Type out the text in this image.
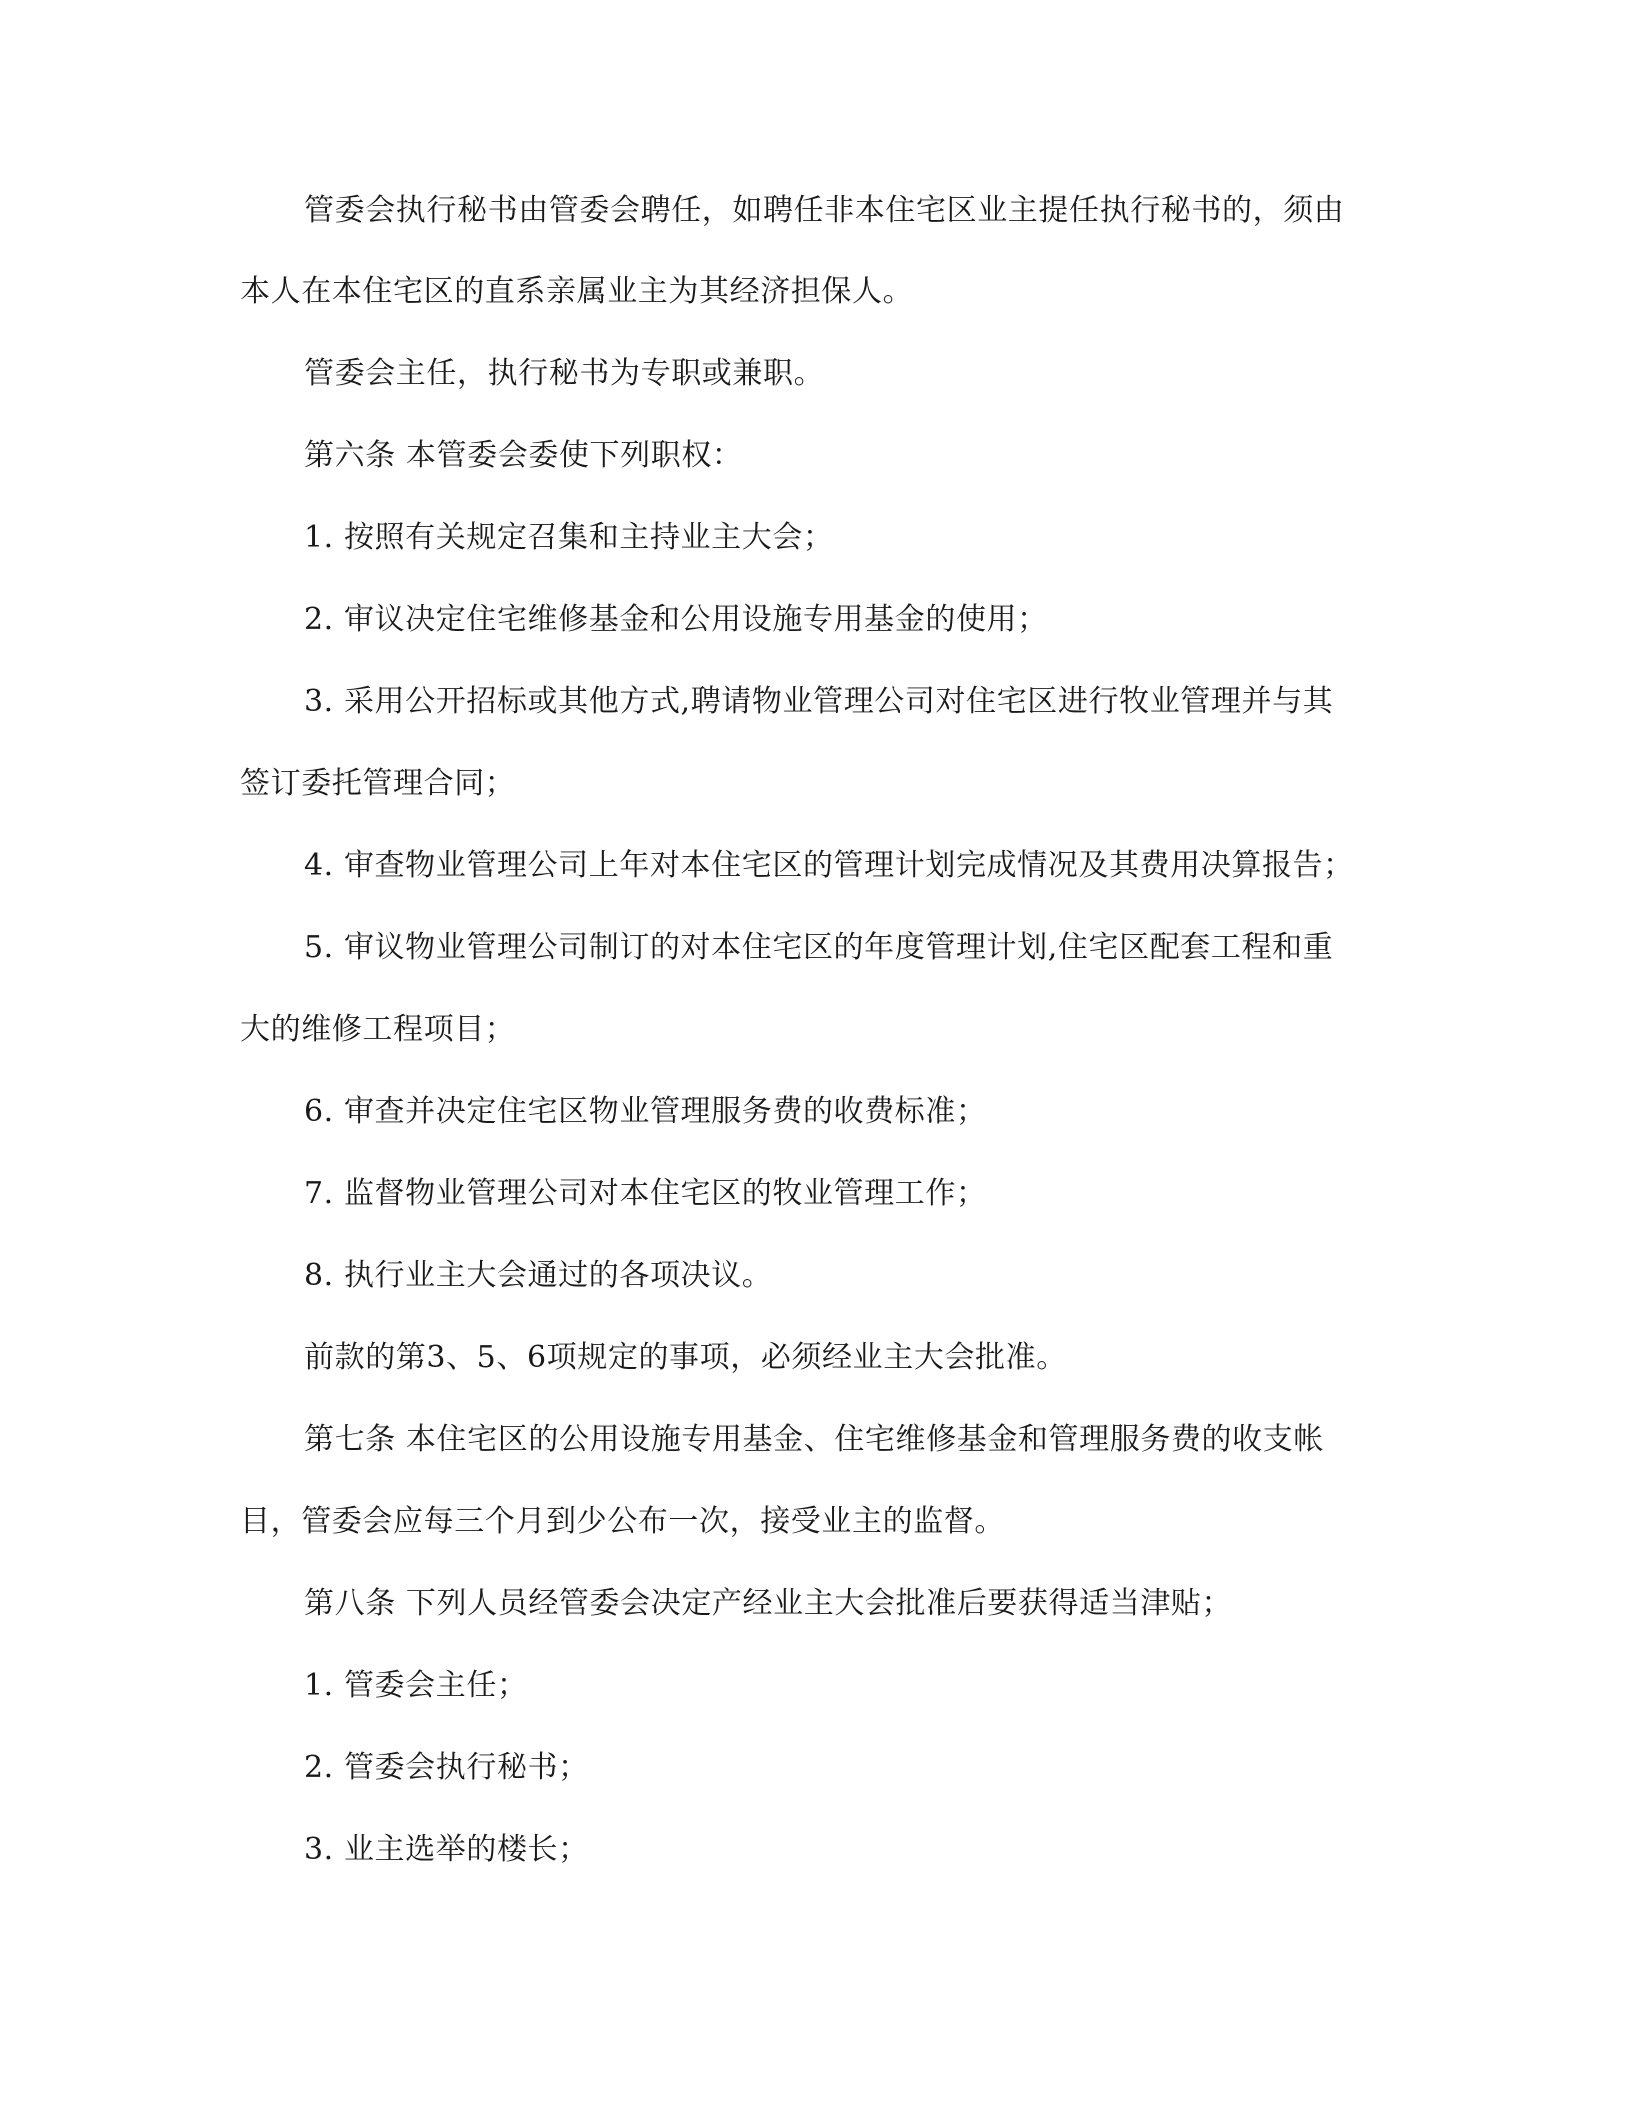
管委会执行秘书由管委会聘任，如聘任非本住宅区业主提任执行秘书的，须由
本人在本住宅区的直系亲属业主为其经济担保人。
管委会主任，执行秘书为专职或兼职。
第六条 本管委会委使下列职权：
1. 按照有关规定召集和主持业主大会；
2. 审议决定住宅维修基金和公用设施专用基金的使用；
3. 采用公开招标或其他方式,聘请物业管理公司对住宅区进行牧业管理并与其
签订委托管理合同；
4. 审查物业管理公司上年对本住宅区的管理计划完成情况及其费用决算报告；
5. 审议物业管理公司制订的对本住宅区的年度管理计划,住宅区配套工程和重
大的维修工程项目；
6. 审查并决定住宅区物业管理服务费的收费标准；
7. 监督物业管理公司对本住宅区的牧业管理工作；
8. 执行业主大会通过的各项决议。
前款的第3、5、6项规定的事项，必须经业主大会批准。
第七条 本住宅区的公用设施专用基金、住宅维修基金和管理服务费的收支帐
目，管委会应每三个月到少公布一次，接受业主的监督。
第八条 下列人员经管委会决定产经业主大会批准后要获得适当津贴；
1. 管委会主任；
2. 管委会执行秘书；
3. 业主选举的楼长；
